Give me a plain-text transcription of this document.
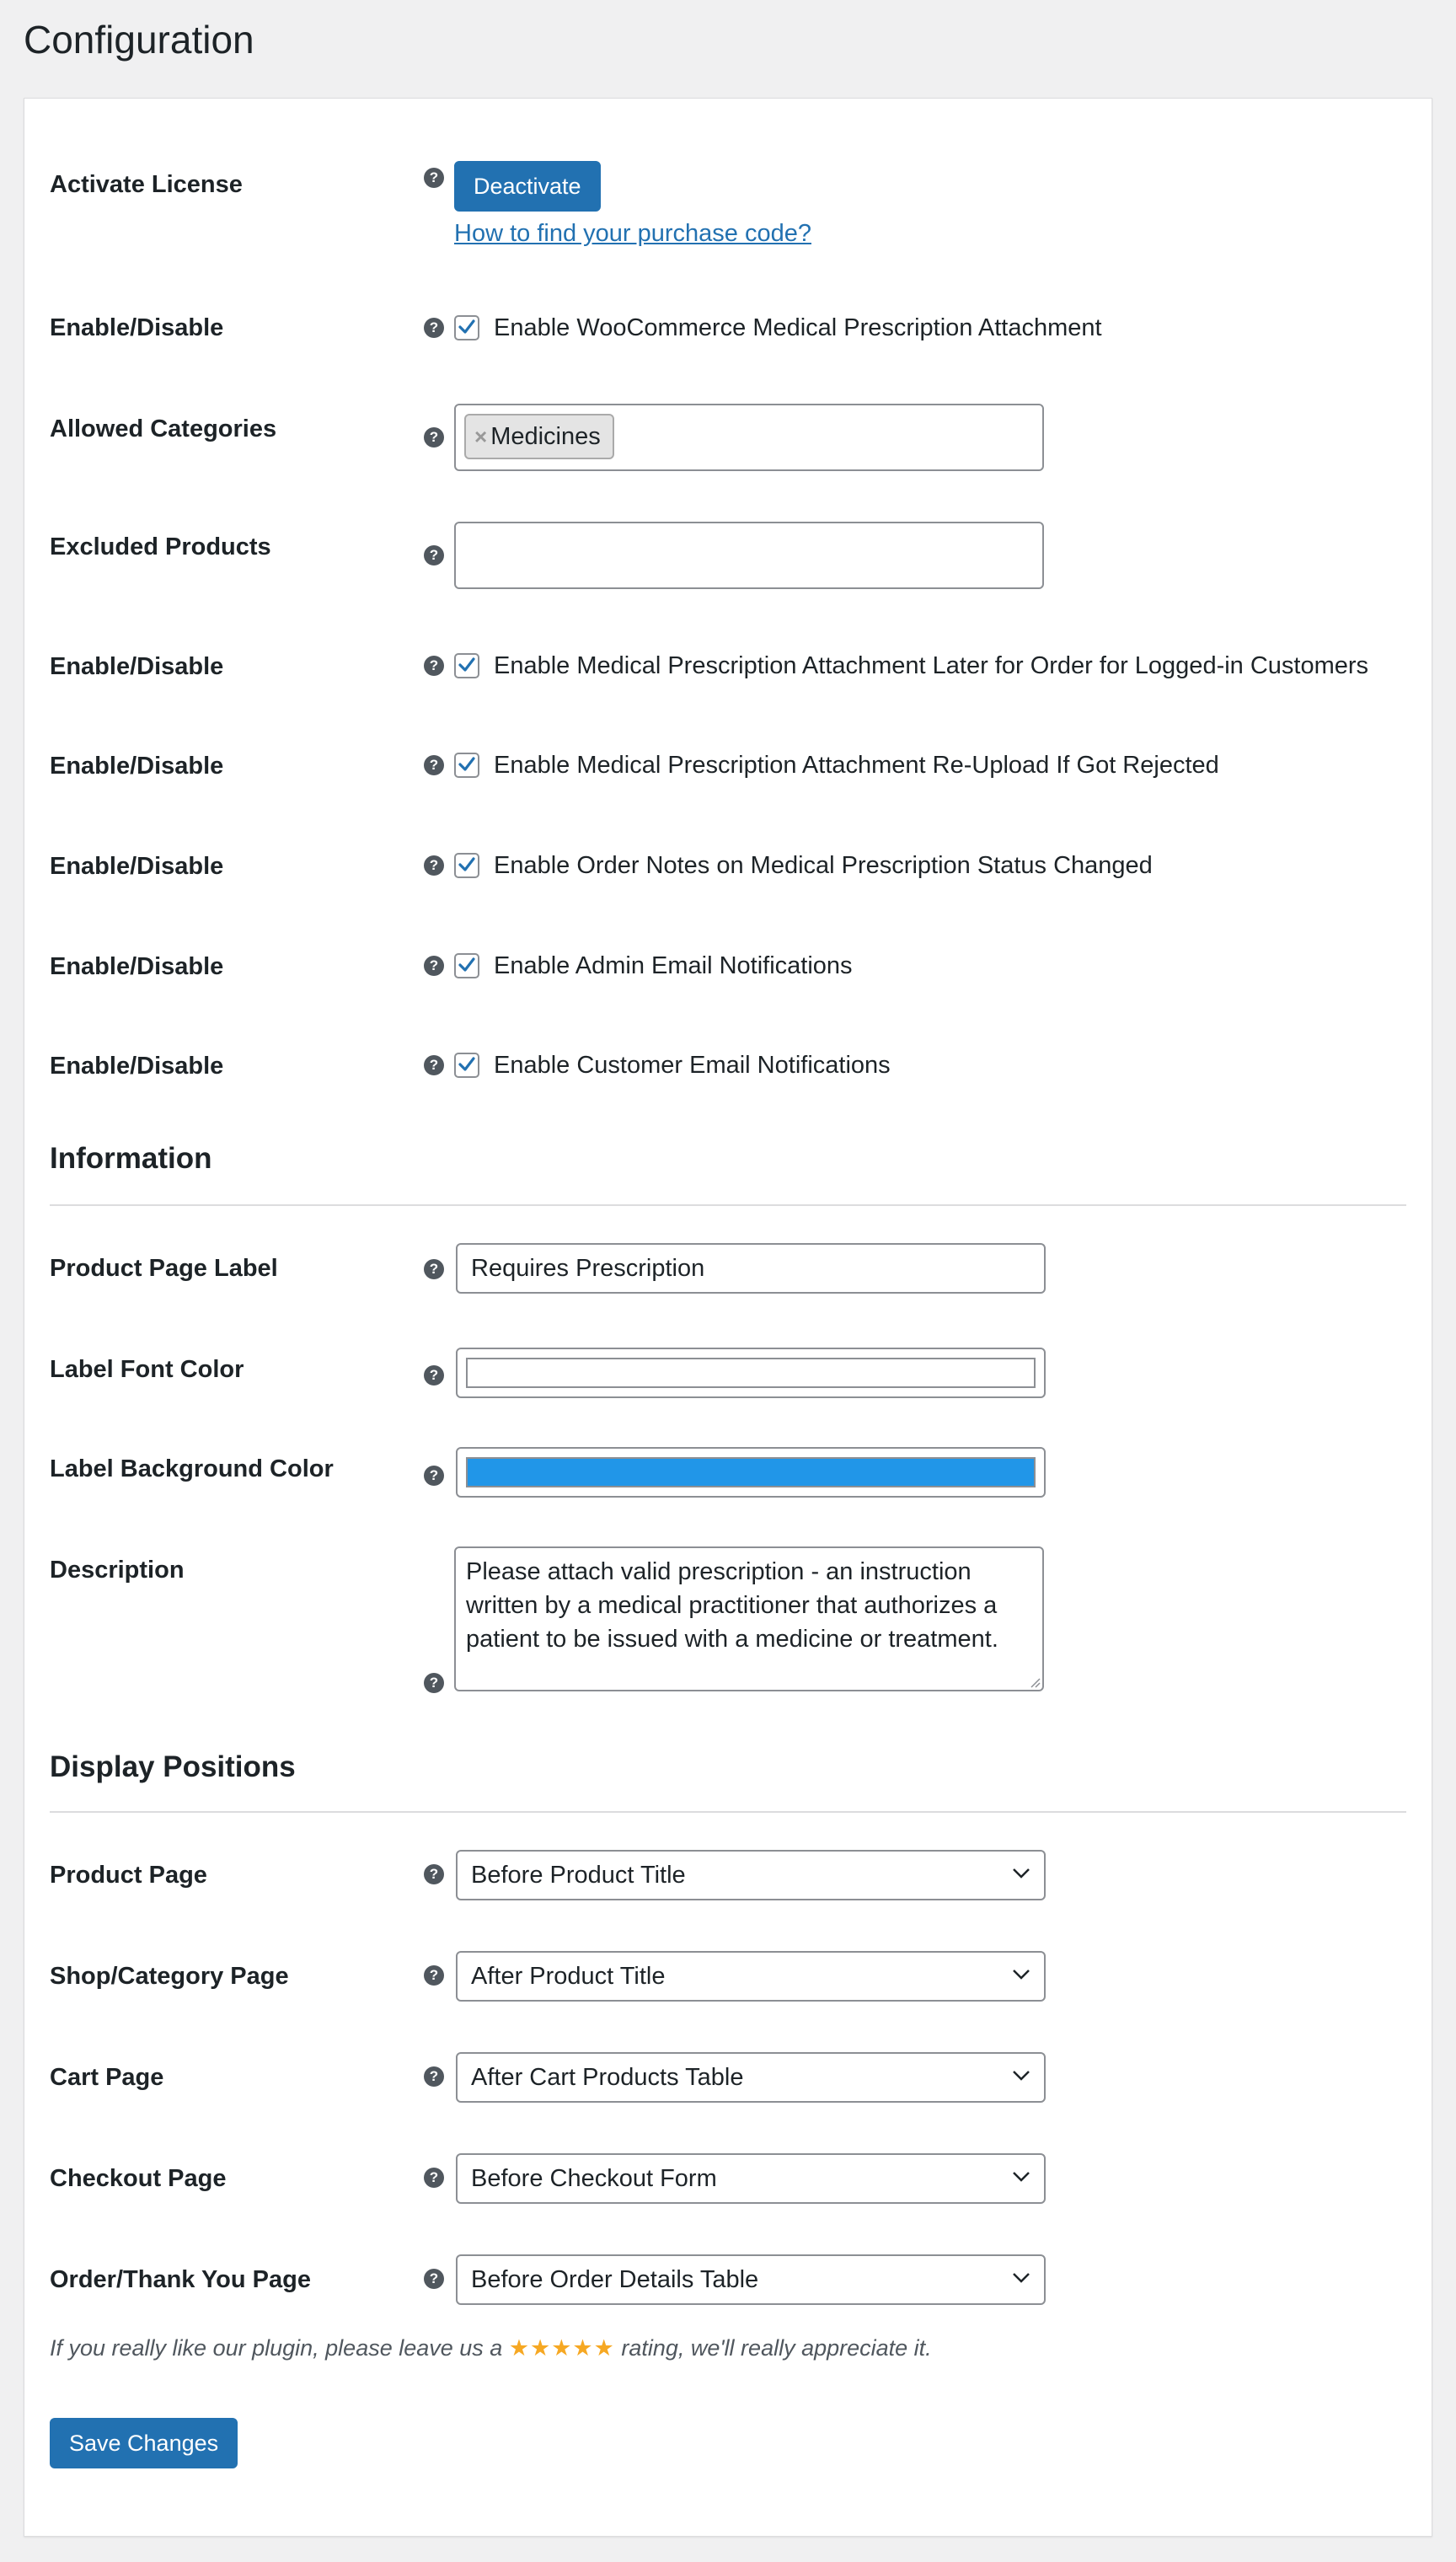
Configuration
Activate License	?	Deactivate
How to find your purchase code?
Enable/Disable	? Enable WooCommerce Medical Prescription Attachment
Allowed Categories	?	× Medicines
Excluded Products	?
Enable/Disable	? Enable Medical Prescription Attachment Later for Order for Logged-in Customers
Enable/Disable	? Enable Medical Prescription Attachment Re-Upload If Got Rejected
Enable/Disable	? Enable Order Notes on Medical Prescription Status Changed
Enable/Disable	? Enable Admin Email Notifications
Enable/Disable	? Enable Customer Email Notifications
Information
Product Page Label	?	Requires Prescription
Label Font Color	?
Label Background Color	?
Description
?
Please attach valid prescription - an instruction written by a medical practitioner that authorizes a patient to be issued with a medicine or treatment.
Display Positions
Product Page	?	Before Product Title
Shop/Category Page	?	After Product Title
Cart Page	?	After Cart Products Table
Checkout Page	?	Before Checkout Form
Order/Thank You Page	?	Before Order Details Table
If you really like our plugin, please leave us a ★★★★★ rating, we'll really appreciate it.
Save Changes
